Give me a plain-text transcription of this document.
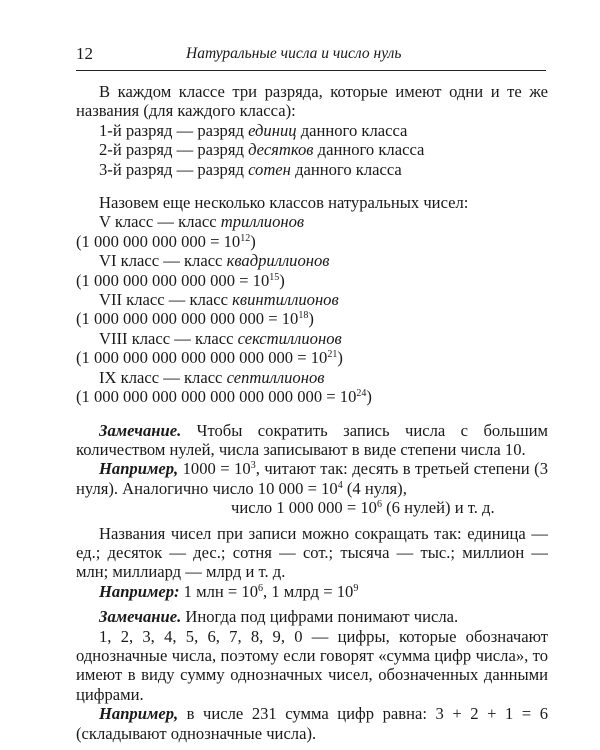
12	Натуральные числа и число нуль

В каждом классе три разряда, которые имеют одни и те же названия (для каждого класса):

1-й разряд — разряд единиц данного класса

2-й разряд — разряд десятков данного класса

3-й разряд — разряд сотен данного класса

Назовем еще несколько классов натуральных чисел:

V класс — класс триллионов

(1 000 000 000 $000 = 10^{12}$)

VI класс — класс квадриллионов

(1 000 000 000 000 $000 = 10^{15}$)

VII класс — класс квинтиллионов

(1 000 000 000 000 000 $000 = 10^{18}$)

VIII класс — класс секстиллионов

(1 000 000 000 000 000 000 $000 = 10^{21}$)

IX класс — класс септиллионов

(1 000 000 000 000 000 000 000 $000 = 10^{24}$)

Замечание. Чтобы сократить запись числа с большим количеством нулей, числа записывают в виде степени числа 10.

Например, $1000 = 10^3$, читают так: десять в третьей степени (3 нуля). Аналогично число 10 $000 = 10^4$ (4 нуля),

число 1 000 $000 = 10^6$ (6 нулей) и т. д.

Названия чисел при записи можно сокращать так: единица — ед.; десяток — дес.; сотня — сот.; тысяча — тыс.; миллион — млн; миллиард — млрд и т. д.

Например: 1 млн = $10^6$, 1 млрд = $10^9$

Замечание. Иногда под цифрами понимают числа.

1, 2, 3, 4, 5, 6, 7, 8, 9, 0 — цифры, которые обозначают однозначные числа, поэтому если говорят «сумма цифр числа», то имеют в виду сумму однозначных чисел, обозначенных данными цифрами.

Например, в числе 231 сумма цифр равна: 3 + 2 + 1 = 6 (складывают однозначные числа).
